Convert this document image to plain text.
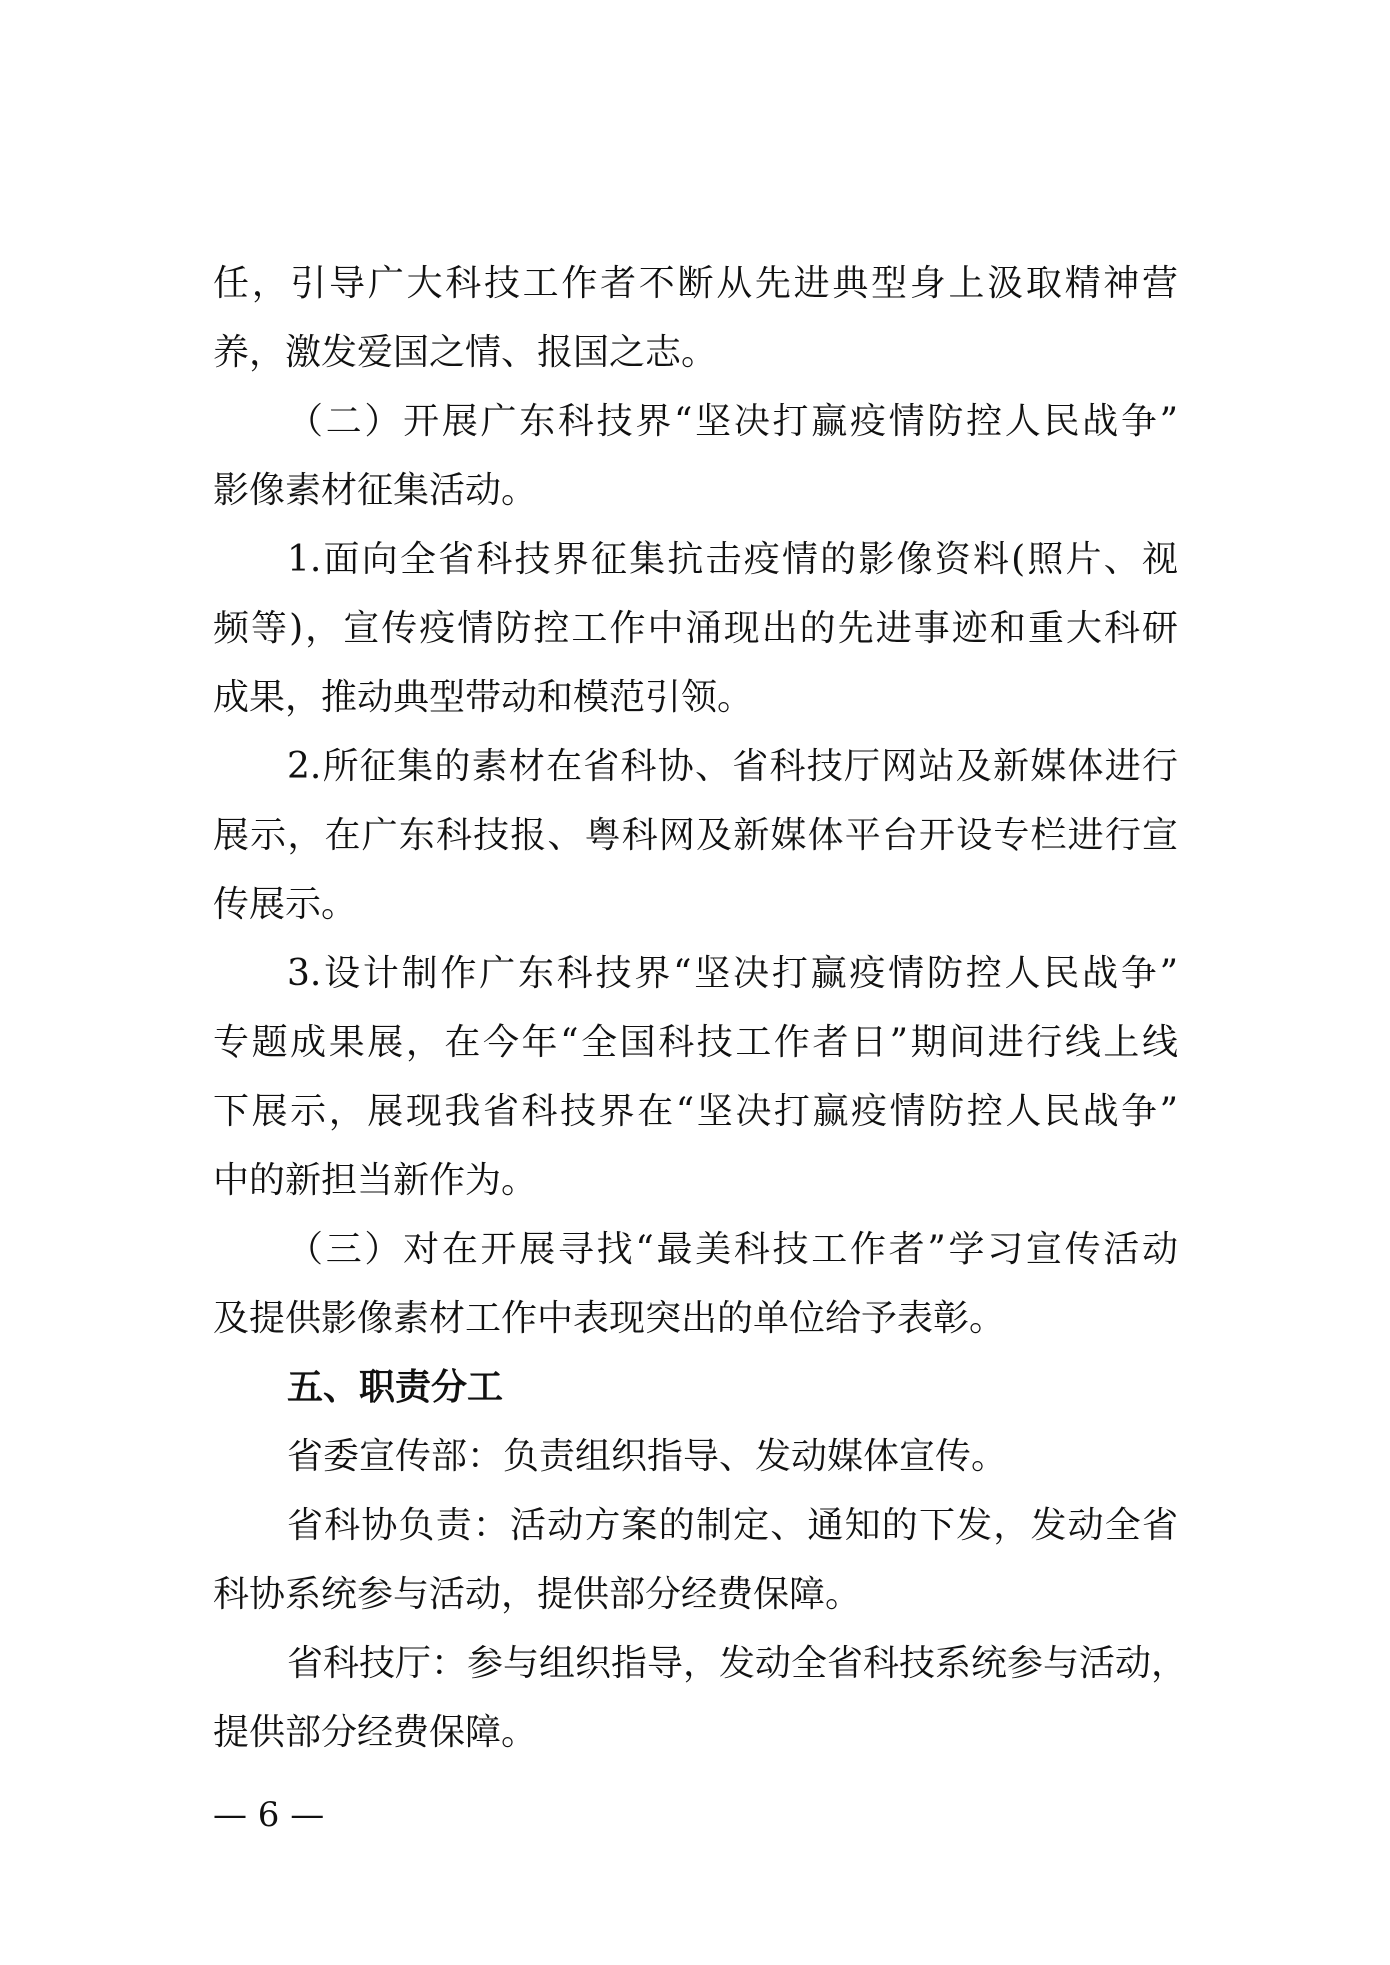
任，引导广大科技工作者不断从先进典型身上汲取精神营
养，激发爱国之情、报国之志。
（二）开展广东科技界“坚决打赢疫情防控人民战争”
影像素材征集活动。
1.面向全省科技界征集抗击疫情的影像资料(照片、视
频等)，宣传疫情防控工作中涌现出的先进事迹和重大科研
成果，推动典型带动和模范引领。
2.所征集的素材在省科协、省科技厅网站及新媒体进行
展示，在广东科技报、粤科网及新媒体平台开设专栏进行宣
传展示。
3.设计制作广东科技界“坚决打赢疫情防控人民战争”
专题成果展，在今年“全国科技工作者日”期间进行线上线
下展示，展现我省科技界在“坚决打赢疫情防控人民战争”
中的新担当新作为。
（三）对在开展寻找“最美科技工作者”学习宣传活动
及提供影像素材工作中表现突出的单位给予表彰。
五、职责分工
省委宣传部：负责组织指导、发动媒体宣传。
省科协负责：活动方案的制定、通知的下发，发动全省
科协系统参与活动，提供部分经费保障。
省科技厅：参与组织指导，发动全省科技系统参与活动，
提供部分经费保障。
— 6 —
